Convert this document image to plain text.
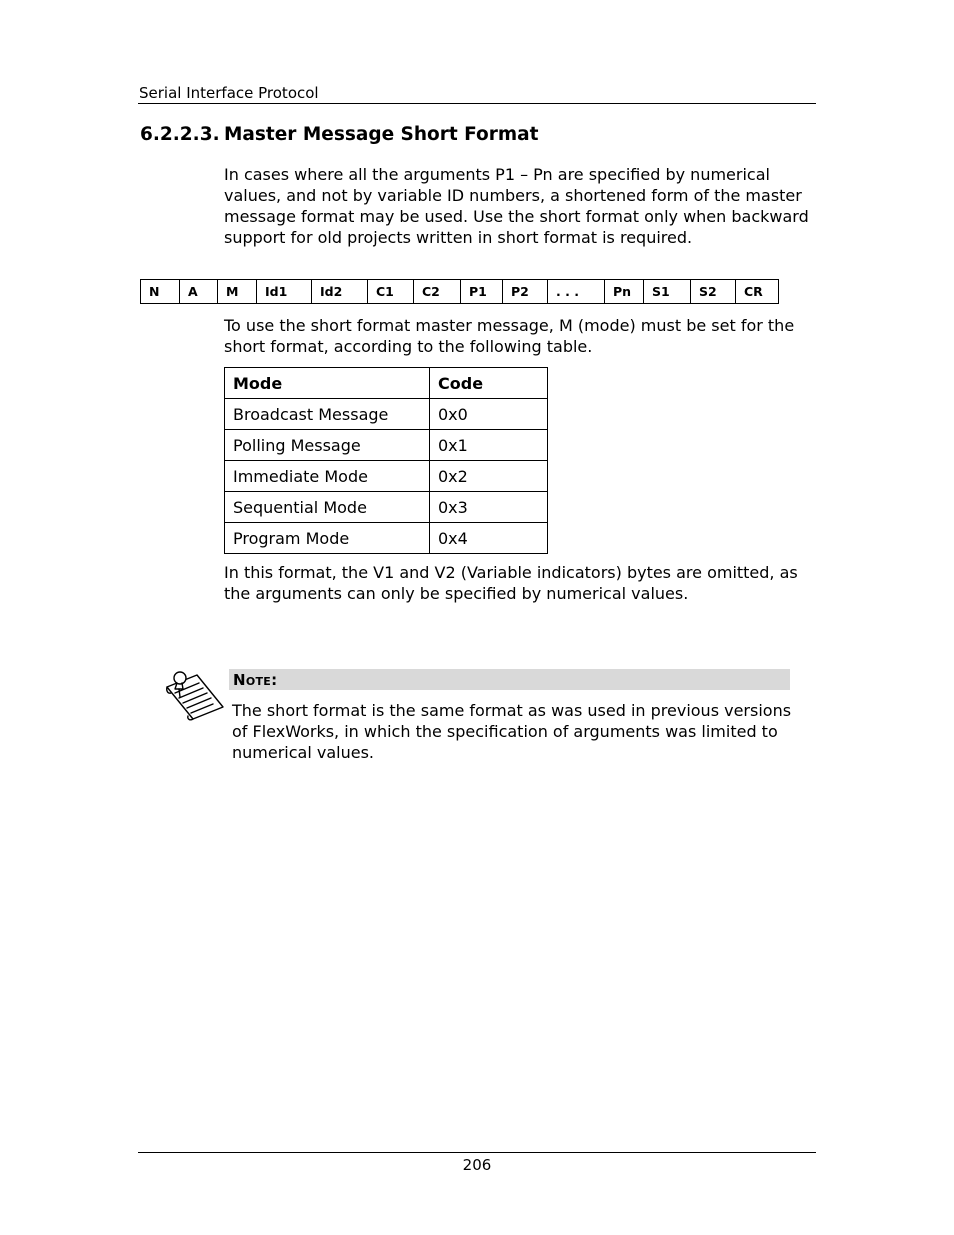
Serial Interface Protocol
6.2.2.3. Master Message Short Format
In cases where all the arguments P1 – Pn are specified by numerical values, and not by variable ID numbers, a shortened form of the master message format may be used. Use the short format only when backward support for old projects written in short format is required.
N	A	M	Id1	Id2	C1	C2	P1	P2	. . .	Pn	S1	S2	CR
To use the short format master message, M (mode) must be set for the short format, according to the following table.
Mode	Code
Broadcast Message	0x0
Polling Message	0x1
Immediate Mode	0x2
Sequential Mode	0x3
Program Mode	0x4
In this format, the V1 and V2 (Variable indicators) bytes are omitted, as the arguments can only be specified by numerical values.
Note:
The short format is the same format as was used in previous versions of FlexWorks, in which the specification of arguments was limited to numerical values.
206
